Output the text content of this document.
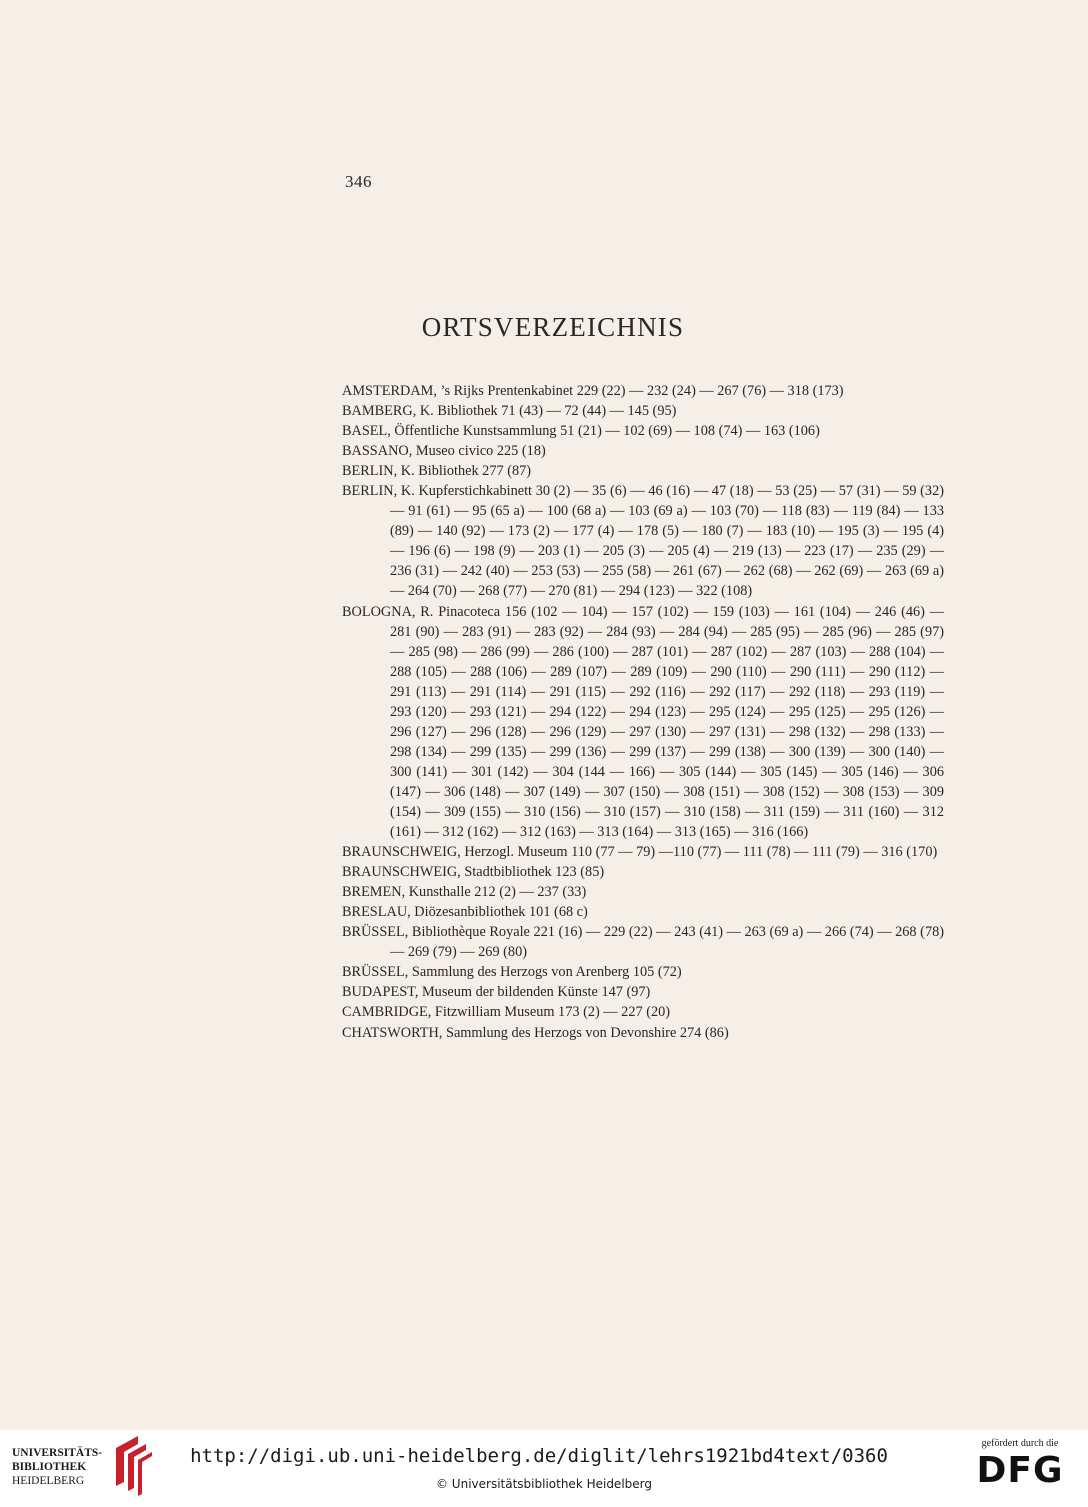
346
ORTSVERZEICHNIS
AMSTERDAM, ’s Rijks Prentenkabinet 229 (22) — 232 (24) — 267 (76) — 318 (173)
BAMBERG, K. Bibliothek 71 (43) — 72 (44) — 145 (95)
BASEL, Öffentliche Kunstsammlung 51 (21) — 102 (69) — 108 (74) — 163 (106)
BASSANO, Museo civico 225 (18)
BERLIN, K. Bibliothek 277 (87)
BERLIN, K. Kupferstichkabinett 30 (2) — 35 (6) — 46 (16) — 47 (18) — 53 (25) — 57 (31) — 59 (32) — 91 (61) — 95 (65 a) — 100 (68 a) — 103 (69 a) — 103 (70) — 118 (83) — 119 (84) — 133 (89) — 140 (92) — 173 (2) — 177 (4) — 178 (5) — 180 (7) — 183 (10) — 195 (3) — 195 (4) — 196 (6) — 198 (9) — 203 (1) — 205 (3) — 205 (4) — 219 (13) — 223 (17) — 235 (29) — 236 (31) — 242 (40) — 253 (53) — 255 (58) — 261 (67) — 262 (68) — 262 (69) — 263 (69 a) — 264 (70) — 268 (77) — 270 (81) — 294 (123) — 322 (108)
BOLOGNA, R. Pinacoteca 156 (102 — 104) — 157 (102) — 159 (103) — 161 (104) — 246 (46) — 281 (90) — 283 (91) — 283 (92) — 284 (93) — 284 (94) — 285 (95) — 285 (96) — 285 (97) — 285 (98) — 286 (99) — 286 (100) — 287 (101) — 287 (102) — 287 (103) — 288 (104) — 288 (105) — 288 (106) — 289 (107) — 289 (109) — 290 (110) — 290 (111) — 290 (112) — 291 (113) — 291 (114) — 291 (115) — 292 (116) — 292 (117) — 292 (118) — 293 (119) — 293 (120) — 293 (121) — 294 (122) — 294 (123) — 295 (124) — 295 (125) — 295 (126) — 296 (127) — 296 (128) — 296 (129) — 297 (130) — 297 (131) — 298 (132) — 298 (133) — 298 (134) — 299 (135) — 299 (136) — 299 (137) — 299 (138) — 300 (139) — 300 (140) — 300 (141) — 301 (142) — 304 (144 — 166) — 305 (144) — 305 (145) — 305 (146) — 306 (147) — 306 (148) — 307 (149) — 307 (150) — 308 (151) — 308 (152) — 308 (153) — 309 (154) — 309 (155) — 310 (156) — 310 (157) — 310 (158) — 311 (159) — 311 (160) — 312 (161) — 312 (162) — 312 (163) — 313 (164) — 313 (165) — 316 (166)
BRAUNSCHWEIG, Herzogl. Museum 110 (77 — 79) —110 (77) — 111 (78) — 111 (79) — 316 (170)
BRAUNSCHWEIG, Stadtbibliothek 123 (85)
BREMEN, Kunsthalle 212 (2) — 237 (33)
BRESLAU, Diözesanbibliothek 101 (68 c)
BRÜSSEL, Bibliothèque Royale 221 (16) — 229 (22) — 243 (41) — 263 (69 a) — 266 (74) — 268 (78) — 269 (79) — 269 (80)
BRÜSSEL, Sammlung des Herzogs von Arenberg 105 (72)
BUDAPEST, Museum der bildenden Künste 147 (97)
CAMBRIDGE, Fitzwilliam Museum 173 (2) — 227 (20)
CHATSWORTH, Sammlung des Herzogs von Devonshire 274 (86)
UNIVERSITÄTS-
BIBLIOTHEK
HEIDELBERG
http://digi.ub.uni-heidelberg.de/diglit/lehrs1921bd4text/0360
© Universitätsbibliothek Heidelberg
gefördert durch die
DFG
